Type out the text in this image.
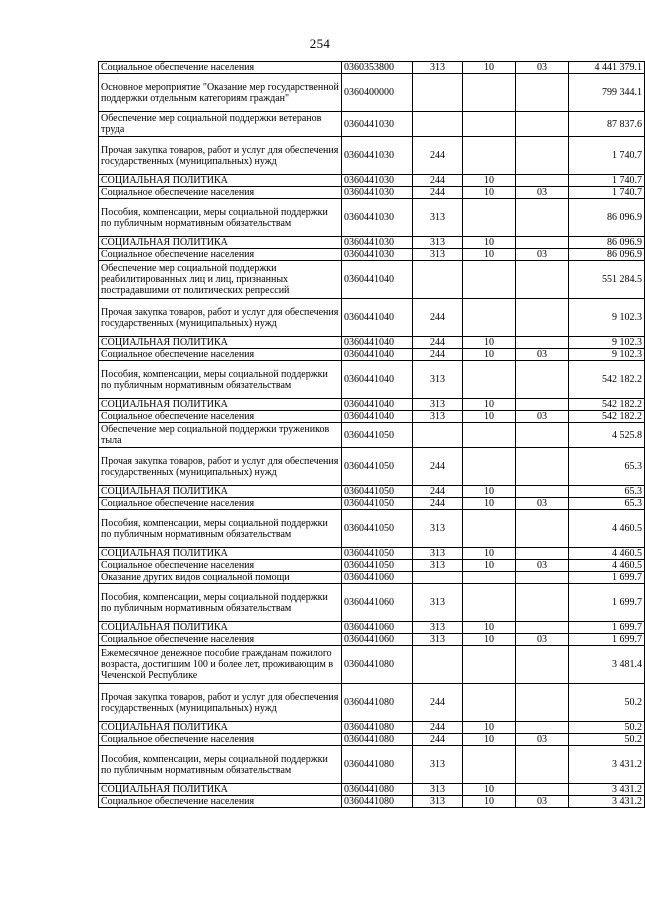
254
Социальное обеспечение населения	0360353800	313	10	03	4 441 379.1
Основное мероприятие "Оказание мер государственной поддержки отдельным категориям граждан"	0360400000				799 344.1
Обеспечение мер социальной поддержки ветеранов труда	0360441030				87 837.6
Прочая закупка товаров, работ и услуг для обеспечения государственных (муниципальных) нужд	0360441030	244			1 740.7
СОЦИАЛЬНАЯ ПОЛИТИКА	0360441030	244	10		1 740.7
Социальное обеспечение населения	0360441030	244	10	03	1 740.7
Пособия, компенсации, меры социальной поддержки по публичным нормативным обязательствам	0360441030	313			86 096.9
СОЦИАЛЬНАЯ ПОЛИТИКА	0360441030	313	10		86 096.9
Социальное обеспечение населения	0360441030	313	10	03	86 096.9
Обеспечение мер социальной поддержки реабилитированных лиц и лиц, признанных пострадавшими от политических репрессий	0360441040				551 284.5
Прочая закупка товаров, работ и услуг для обеспечения государственных (муниципальных) нужд	0360441040	244			9 102.3
СОЦИАЛЬНАЯ ПОЛИТИКА	0360441040	244	10		9 102.3
Социальное обеспечение населения	0360441040	244	10	03	9 102.3
Пособия, компенсации, меры социальной поддержки по публичным нормативным обязательствам	0360441040	313			542 182.2
СОЦИАЛЬНАЯ ПОЛИТИКА	0360441040	313	10		542 182.2
Социальное обеспечение населения	0360441040	313	10	03	542 182.2
Обеспечение мер социальной поддержки тружеников тыла	0360441050				4 525.8
Прочая закупка товаров, работ и услуг для обеспечения государственных (муниципальных) нужд	0360441050	244			65.3
СОЦИАЛЬНАЯ ПОЛИТИКА	0360441050	244	10		65.3
Социальное обеспечение населения	0360441050	244	10	03	65.3
Пособия, компенсации, меры социальной поддержки по публичным нормативным обязательствам	0360441050	313			4 460.5
СОЦИАЛЬНАЯ ПОЛИТИКА	0360441050	313	10		4 460.5
Социальное обеспечение населения	0360441050	313	10	03	4 460.5
Оказание других видов социальной помощи	0360441060				1 699.7
Пособия, компенсации, меры социальной поддержки по публичным нормативным обязательствам	0360441060	313			1 699.7
СОЦИАЛЬНАЯ ПОЛИТИКА	0360441060	313	10		1 699.7
Социальное обеспечение населения	0360441060	313	10	03	1 699.7
Ежемесячное денежное пособие гражданам пожилого возраста, достигшим 100 и более лет, проживающим в Чеченской Республике	0360441080				3 481.4
Прочая закупка товаров, работ и услуг для обеспечения государственных (муниципальных) нужд	0360441080	244			50.2
СОЦИАЛЬНАЯ ПОЛИТИКА	0360441080	244	10		50.2
Социальное обеспечение населения	0360441080	244	10	03	50.2
Пособия, компенсации, меры социальной поддержки по публичным нормативным обязательствам	0360441080	313			3 431.2
СОЦИАЛЬНАЯ ПОЛИТИКА	0360441080	313	10		3 431.2
Социальное обеспечение населения	0360441080	313	10	03	3 431.2
